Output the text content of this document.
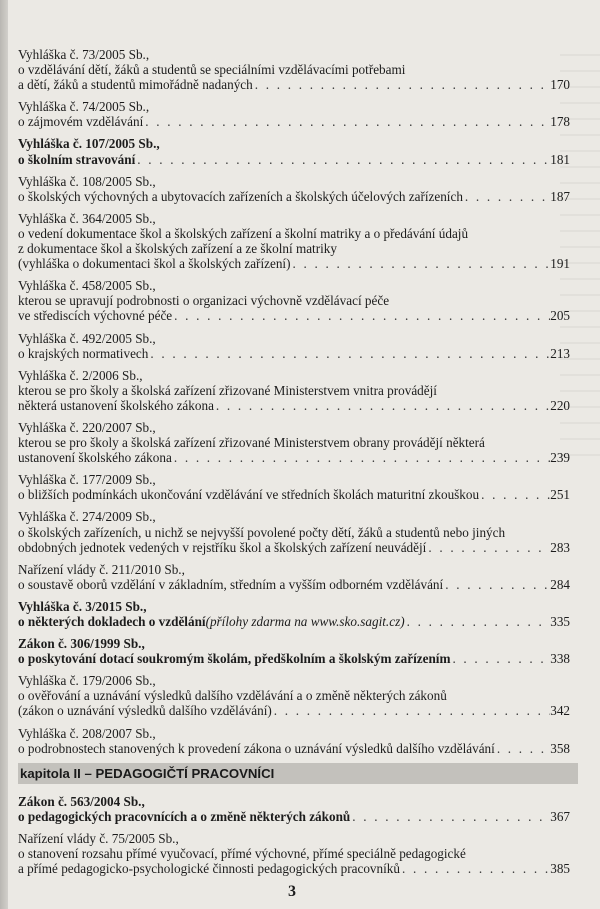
Vyhláška č. 73/2005 Sb.,
o vzdělávání dětí, žáků a studentů se speciálními vzdělávacími potřebami
a dětí, žáků a studentů mimořádně nadaných . . .	170
Vyhláška č. 74/2005 Sb.,
o zájmovém vzdělávání . . .	178
Vyhláška č. 107/2005 Sb.,
o školním stravování . . .	181
Vyhláška č. 108/2005 Sb.,
o školských výchovných a ubytovacích zařízeních a školských účelových zařízeních . . .	187
Vyhláška č. 364/2005 Sb.,
o vedení dokumentace škol a školských zařízení a školní matriky a o předávání údajů
z dokumentace škol a školských zařízení a ze školní matriky
(vyhláška o dokumentaci škol a školských zařízení) . . .	191
Vyhláška č. 458/2005 Sb.,
kterou se upravují podrobnosti o organizaci výchovně vzdělávací péče
ve střediscích výchovné péče . . .	205
Vyhláška č. 492/2005 Sb.,
o krajských normativech . . .	213
Vyhláška č. 2/2006 Sb.,
kterou se pro školy a školská zařízení zřizované Ministerstvem vnitra provádějí
některá ustanovení školského zákona . . .	220
Vyhláška č. 220/2007 Sb.,
kterou se pro školy a školská zařízení zřizované Ministerstvem obrany provádějí některá
ustanovení školského zákona . . .	239
Vyhláška č. 177/2009 Sb.,
o bližších podmínkách ukončování vzdělávání ve středních školách maturitní zkouškou . . .	251
Vyhláška č. 274/2009 Sb.,
o školských zařízeních, u nichž se nejvyšší povolené počty dětí, žáků a studentů nebo jiných
obdobných jednotek vedených v rejstříku škol a školských zařízení neuvádějí . . .	283
Nařízení vlády č. 211/2010 Sb.,
o soustavě oborů vzdělání v základním, středním a vyšším odborném vzdělávání . . .	284
Vyhláška č. 3/2015 Sb.,
o některých dokladech o vzdělání (přílohy zdarma na www.sko.sagit.cz) . . .	335
Zákon č. 306/1999 Sb.,
o poskytování dotací soukromým školám, předškolním a školským zařízením . . .	338
Vyhláška č. 179/2006 Sb.,
o ověřování a uznávání výsledků dalšího vzdělávání a o změně některých zákonů
(zákon o uznávání výsledků dalšího vzdělávání) . . .	342
Vyhláška č. 208/2007 Sb.,
o podrobnostech stanovených k provedení zákona o uznávání výsledků dalšího vzdělávání . . .	358
kapitola II – PEDAGOGIČTÍ PRACOVNÍCI
Zákon č. 563/2004 Sb.,
o pedagogických pracovnících a o změně některých zákonů . . .	367
Nařízení vlády č. 75/2005 Sb.,
o stanovení rozsahu přímé vyučovací, přímé výchovné, přímé speciálně pedagogické
a přímé pedagogicko-psychologické činnosti pedagogických pracovníků . . .	385
3
